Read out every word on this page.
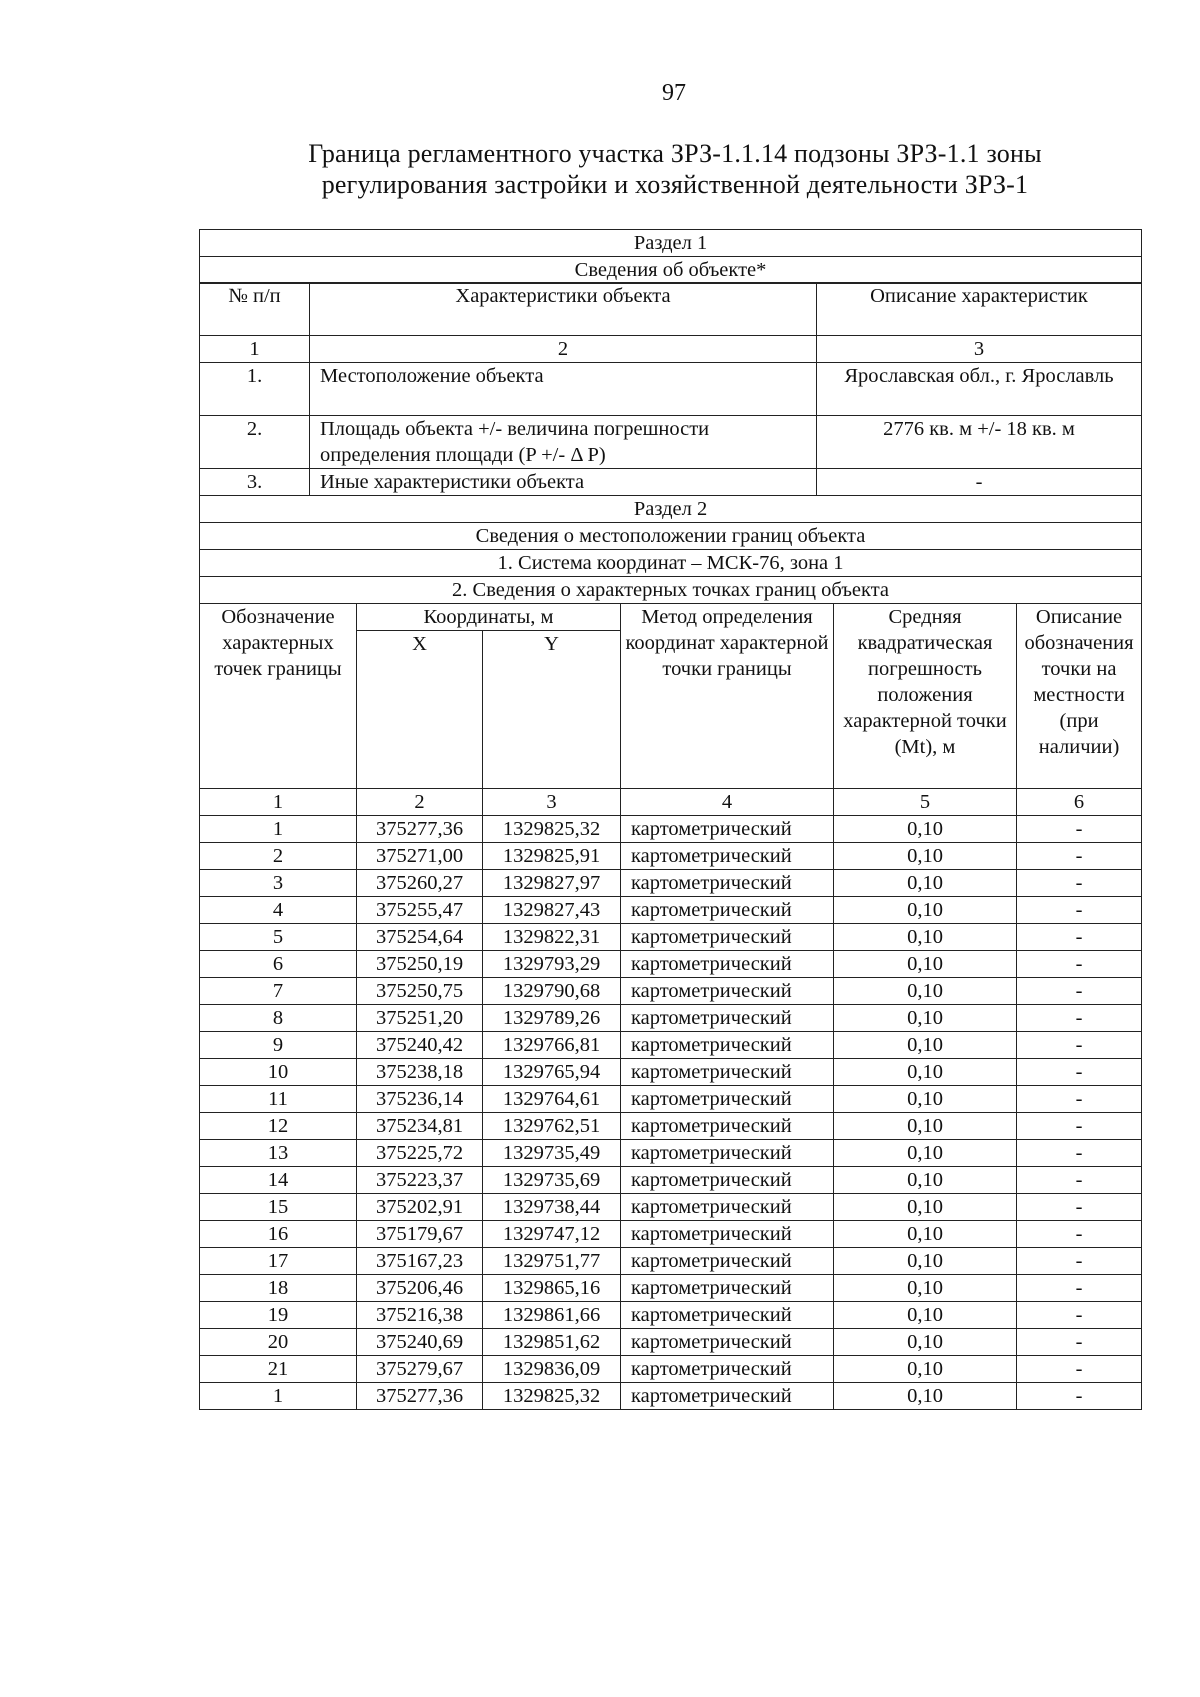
97
Граница регламентного участка ЗРЗ-1.1.14 подзоны ЗРЗ-1.1 зоны
регулирования застройки и хозяйственной деятельности ЗРЗ-1
Раздел 1
Сведения об объекте*
№ п/п	Характеристики объекта	Описание характеристик
1	2	3
1.	Местоположение объекта	Ярославская обл., г. Ярославль
2.	Площадь объекта +/- величина погрешности определения площади (P +/- Δ P)	2776 кв. м +/- 18 кв. м
3.	Иные характеристики объекта	-
Раздел 2					
Сведения о местоположении границ объекта					
1. Система координат – МСК-76, зона 1					
2. Сведения о характерных точках границ объекта					
Обозначение характерных точек границы	Координаты, м		Метод определения координат характерной точки границы	Средняя квадратическая погрешность положения характерной точки (Mt), м	Описание обозначения точки на местности (при наличии)
	X	Y			
1	2	3	4	5	6
1	375277,36	1329825,32	картометрический	0,10	-
2	375271,00	1329825,91	картометрический	0,10	-
3	375260,27	1329827,97	картометрический	0,10	-
4	375255,47	1329827,43	картометрический	0,10	-
5	375254,64	1329822,31	картометрический	0,10	-
6	375250,19	1329793,29	картометрический	0,10	-
7	375250,75	1329790,68	картометрический	0,10	-
8	375251,20	1329789,26	картометрический	0,10	-
9	375240,42	1329766,81	картометрический	0,10	-
10	375238,18	1329765,94	картометрический	0,10	-
11	375236,14	1329764,61	картометрический	0,10	-
12	375234,81	1329762,51	картометрический	0,10	-
13	375225,72	1329735,49	картометрический	0,10	-
14	375223,37	1329735,69	картометрический	0,10	-
15	375202,91	1329738,44	картометрический	0,10	-
16	375179,67	1329747,12	картометрический	0,10	-
17	375167,23	1329751,77	картометрический	0,10	-
18	375206,46	1329865,16	картометрический	0,10	-
19	375216,38	1329861,66	картометрический	0,10	-
20	375240,69	1329851,62	картометрический	0,10	-
21	375279,67	1329836,09	картометрический	0,10	-
1	375277,36	1329825,32	картометрический	0,10	-
